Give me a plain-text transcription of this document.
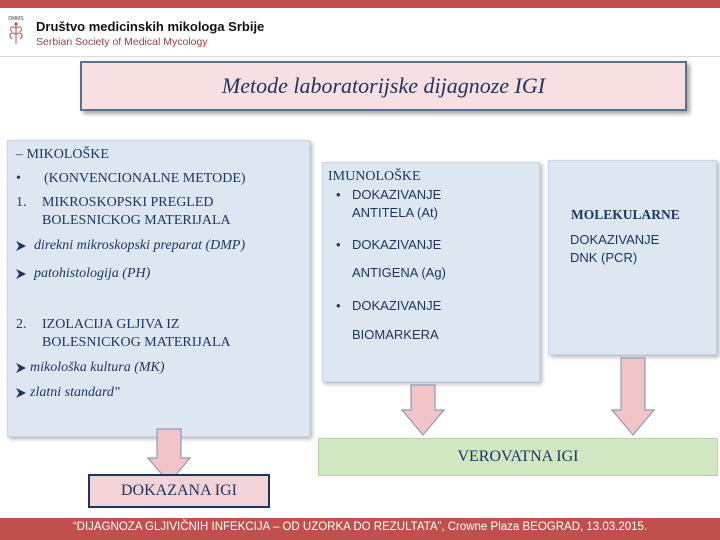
DMMS Društvo medicinskih mikologa Srbije
Serbian Society of Medical Mycology
Metode laboratorijske dijagnoze IGI
– MIKOLOŠKE
• (KONVENCIONALNE METODE)
1. MIKROSKOPSKI PREGLED
BOLESNICKOG MATERIJALA
direkni mikroskopski preparat (DMP)
patohistologija (PH)
2. IZOLACIJA GLJIVA IZ
BOLESNICKOG MATERIJALA
mikološka kultura (MK)
zlatni standard"
IMUNOLOŠKE
• DOKAZIVANJE
ANTITELA (At)
• DOKAZIVANJE
ANTIGENA (Ag)
• DOKAZIVANJE
BIOMARKERA
MOLEKULARNE
DOKAZIVANJE
DNK (PCR)
VEROVATNA IGI
DOKAZANA IGI
“DIJAGNOZA GLJIVIČNIH INFEKCIJA – OD UZORKA DO REZULTATA”, Crowne Plaza BEOGRAD, 13.03.2015.
